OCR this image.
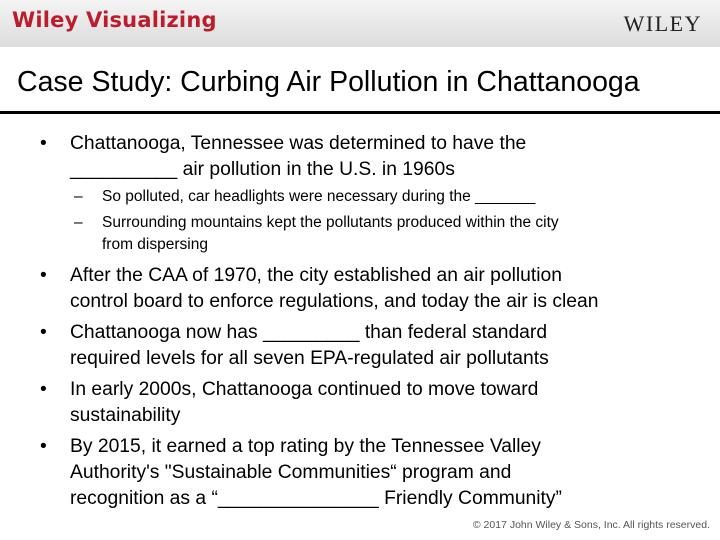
Wiley Visualizing	WILEY
Case Study: Curbing Air Pollution in Chattanooga
•	Chattanooga, Tennessee was determined to have the
__________ air pollution in the U.S. in 1960s
– So polluted, car headlights were necessary during the _______
– Surrounding mountains kept the pollutants produced within the city
from dispersing
•	After the CAA of 1970, the city established an air pollution
control board to enforce regulations, and today the air is clean
•	Chattanooga now has _________ than federal standard
required levels for all seven EPA-regulated air pollutants
•	In early 2000s, Chattanooga continued to move toward
sustainability
•	By 2015, it earned a top rating by the Tennessee Valley
Authority's "Sustainable Communities“ program and
recognition as a “_______________ Friendly Community”
© 2017 John Wiley & Sons, Inc. All rights reserved.
